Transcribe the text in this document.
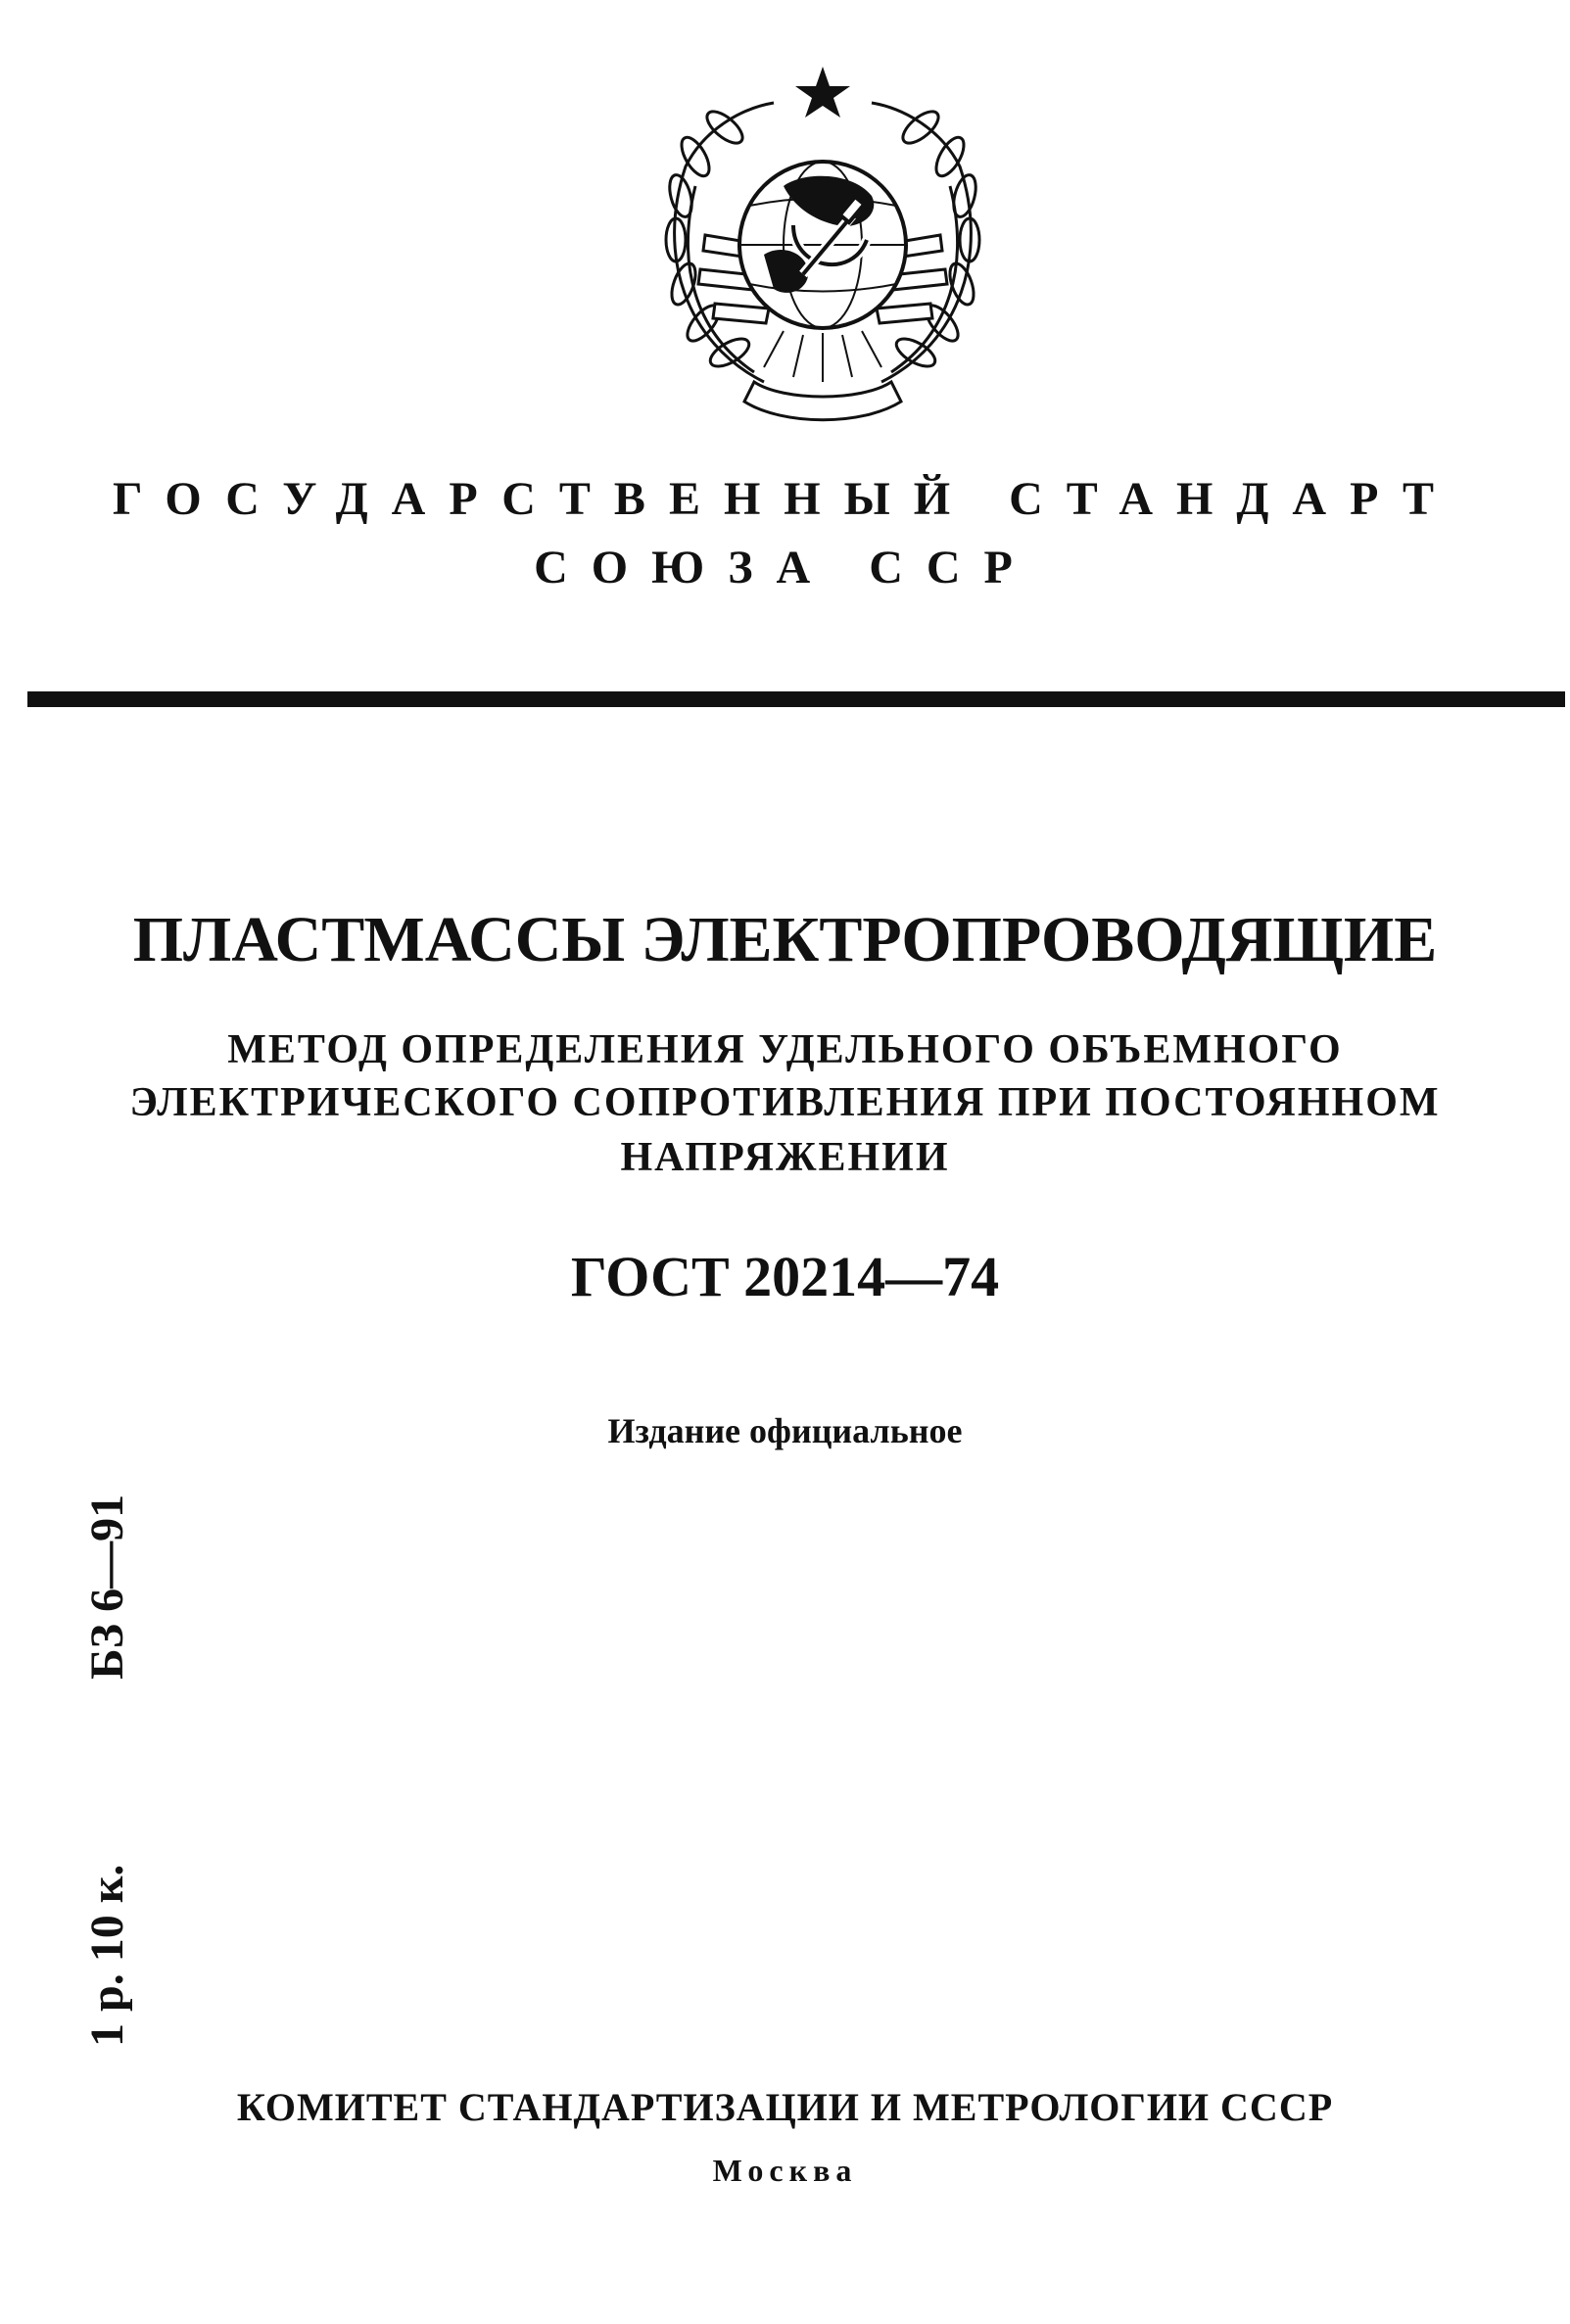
ГОСУДАРСТВЕННЫЙ СТАНДАРТ
СОЮЗА ССР
ПЛАСТМАССЫ ЭЛЕКТРОПРОВОДЯЩИЕ
МЕТОД ОПРЕДЕЛЕНИЯ УДЕЛЬНОГО ОБЪЕМНОГО
ЭЛЕКТРИЧЕСКОГО СОПРОТИВЛЕНИЯ ПРИ ПОСТОЯННОМ
НАПРЯЖЕНИИ
ГОСТ 20214—74
Издание официальное
1 р. 10 к.
БЗ 6—91
КОМИТЕТ СТАНДАРТИЗАЦИИ И МЕТРОЛОГИИ СССР
Москва
